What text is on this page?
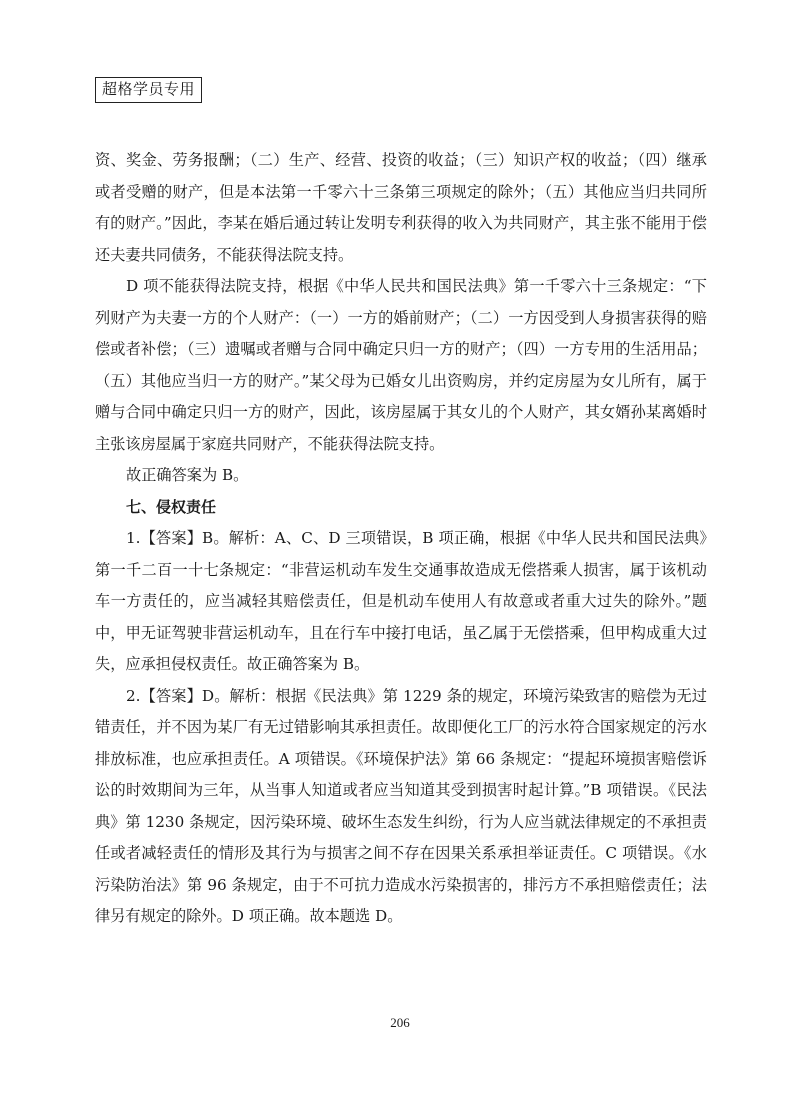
超格学员专用

资、奖金、劳务报酬；（二）生产、经营、投资的收益；（三）知识产权的收益；（四）继承或者受赠的财产，但是本法第一千零六十三条第三项规定的除外；（五）其他应当归共同所有的财产。”因此，李某在婚后通过转让发明专利获得的收入为共同财产，其主张不能用于偿还夫妻共同债务，不能获得法院支持。

D 项不能获得法院支持，根据《中华人民共和国民法典》第一千零六十三条规定：“下列财产为夫妻一方的个人财产：（一）一方的婚前财产；（二）一方因受到人身损害获得的赔偿或者补偿；（三）遗嘱或者赠与合同中确定只归一方的财产；（四）一方专用的生活用品；（五）其他应当归一方的财产。”某父母为已婚女儿出资购房，并约定房屋为女儿所有，属于赠与合同中确定只归一方的财产，因此，该房屋属于其女儿的个人财产，其女婿孙某离婚时主张该房屋属于家庭共同财产，不能获得法院支持。

故正确答案为 B。

七、侵权责任

1.【答案】B。解析：A、C、D 三项错误，B 项正确，根据《中华人民共和国民法典》第一千二百一十七条规定：“非营运机动车发生交通事故造成无偿搭乘人损害，属于该机动车一方责任的，应当减轻其赔偿责任，但是机动车使用人有故意或者重大过失的除外。”题中，甲无证驾驶非营运机动车，且在行车中接打电话，虽乙属于无偿搭乘，但甲构成重大过失，应承担侵权责任。故正确答案为 B。

2.【答案】D。解析：根据《民法典》第 1229 条的规定，环境污染致害的赔偿为无过错责任，并不因为某厂有无过错影响其承担责任。故即便化工厂的污水符合国家规定的污水排放标准，也应承担责任。A 项错误。《环境保护法》第 66 条规定：“提起环境损害赔偿诉讼的时效期间为三年，从当事人知道或者应当知道其受到损害时起计算。”B 项错误。《民法典》第 1230 条规定，因污染环境、破坏生态发生纠纷，行为人应当就法律规定的不承担责任或者减轻责任的情形及其行为与损害之间不存在因果关系承担举证责任。C 项错误。《水污染防治法》第 96 条规定，由于不可抗力造成水污染损害的，排污方不承担赔偿责任；法律另有规定的除外。D 项正确。故本题选 D。

206
